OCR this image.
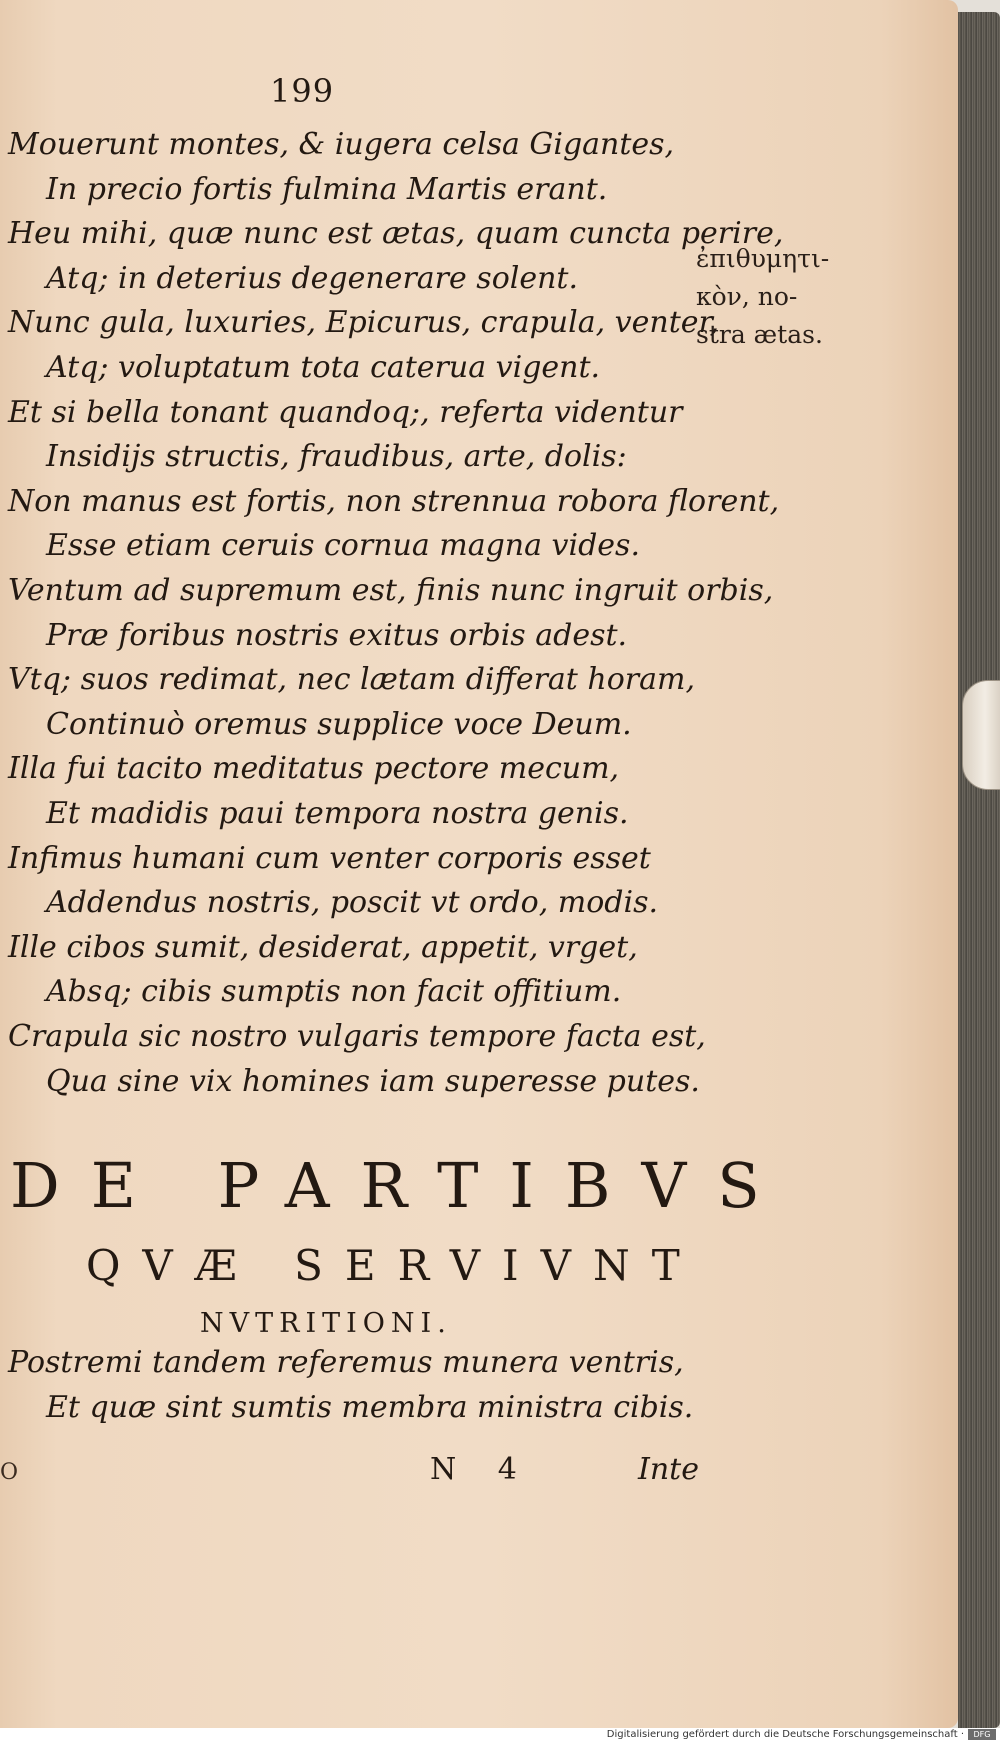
199
Mouerunt montes, & iugera celsa Gigantes,
In precio fortis fulmina Martis erant.
Heu mihi, quæ nunc est ætas, quam cuncta perire,
Atq; in deterius degenerare solent.
Nunc gula, luxuries, Epicurus, crapula, venter,
Atq; voluptatum tota caterua vigent.
Et si bella tonant quandoq;, referta videntur
Insidijs structis, fraudibus, arte, dolis:
Non manus est fortis, non strennua robora florent,
Esse etiam ceruis cornua magna vides.
Ventum ad supremum est, finis nunc ingruit orbis,
Præ foribus nostris exitus orbis adest.
Vtq; suos redimat, nec lætam differat horam,
Continuò oremus supplice voce Deum.
Illa fui tacito meditatus pectore mecum,
Et madidis paui tempora nostra genis.
Infimus humani cum venter corporis esset
Addendus nostris, poscit vt ordo, modis.
Ille cibos sumit, desiderat, appetit, vrget,
Absq; cibis sumptis non facit offitium.
Crapula sic nostro vulgaris tempore facta est,
Qua sine vix homines iam superesse putes.
ἐπιθυμητι-
κὸν, no-
stra ætas.
DE PARTIBVS
QVÆ SERVIVNT
NVTRITIONI.
Postremi tandem referemus munera ventris,
Et quæ sint sumtis membra ministra cibis.
N 4	Inte
O
Digitalisierung gefördert durch die Deutsche Forschungsgemeinschaft ·	DFG
